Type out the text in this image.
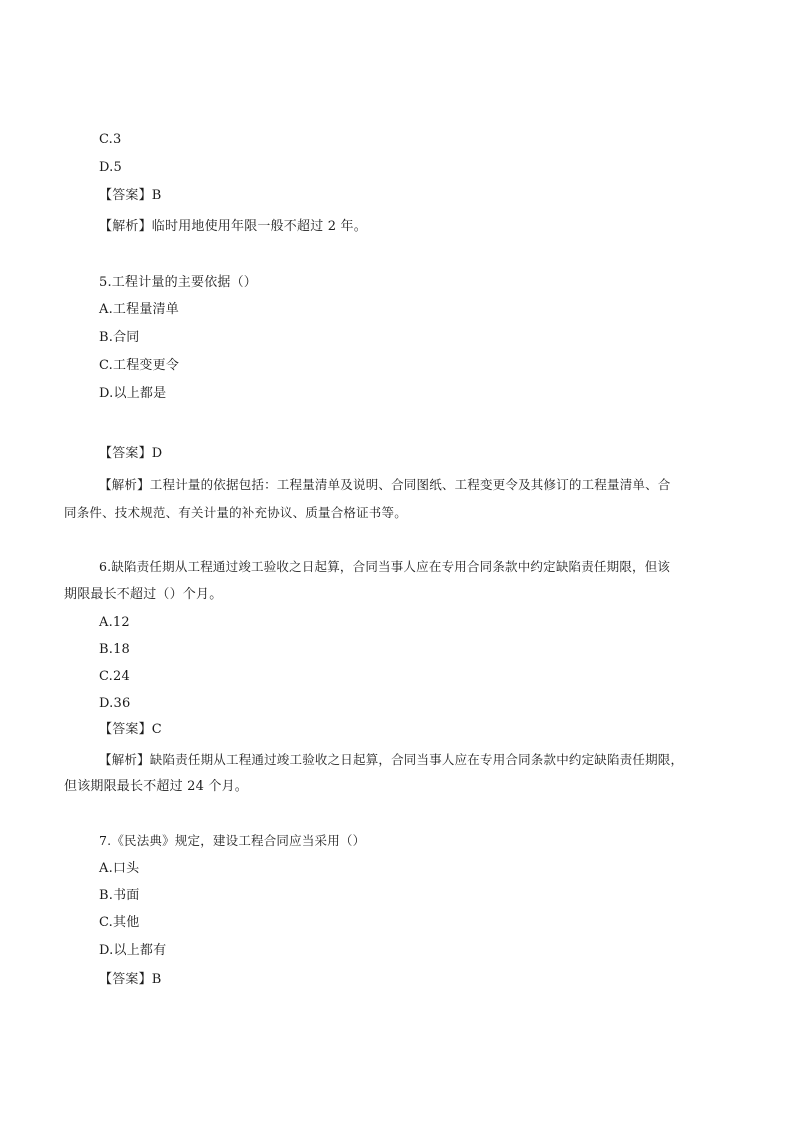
C.3
D.5
【答案】B
【解析】临时用地使用年限一般不超过 2 年。
5.工程计量的主要依据（）
A.工程量清单
B.合同
C.工程变更令
D.以上都是
【答案】D
【解析】工程计量的依据包括：工程量清单及说明、合同图纸、工程变更令及其修订的工程量清单、合
同条件、技术规范、有关计量的补充协议、质量合格证书等。
6.缺陷责任期从工程通过竣工验收之日起算，合同当事人应在专用合同条款中约定缺陷责任期限，但该
期限最长不超过（）个月。
A.12
B.18
C.24
D.36
【答案】C
【解析】缺陷责任期从工程通过竣工验收之日起算，合同当事人应在专用合同条款中约定缺陷责任期限，
但该期限最长不超过 24 个月。
7.《民法典》规定，建设工程合同应当采用（）
A.口头
B.书面
C.其他
D.以上都有
【答案】B
